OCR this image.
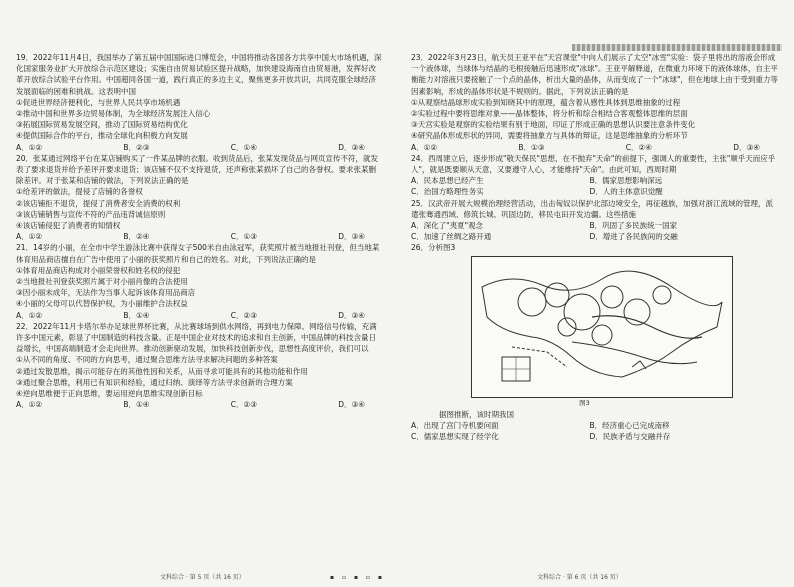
19．2022年11月4日，我国举办了第五届中国国际进口博览会，中国将推动各国各方共享中国大市场机遇，深化国家服务业扩大开放综合示范区建设；实施自由贸易试验区提升战略，加快建设海南自由贸易港，发挥好改革开放综合试验平台作用。中国超同各国一道，践行真正的多边主义，聚焦更多开放共识，共同克服全球经济发展面临的困难和挑战。这表明中国
①促进世界经济便利化，与世界人民共享市场机遇
②推动中国和世界多边贸易体制，为全球经济发展注入信心
③拓展国际贸易发展空间，推动了国际贸易结构优化
④提供国际合作的平台，推动全球化向积极方向发展
A．①②	B．②③	C．①④	D．③④
20．张某通过网络平台在某店铺购买了一件某品牌的衣服。收到货品后，张某发现货品与网页宣传不符，就发表了要求退货并给予差评开要求退货；该店铺不仅不支持退货，还声称张某损坏了自己的各誉权。要求张某删除差评。对于张某和店铺的做法，下列说法正确的是
①给差评的做法，提侵了店铺的各誉权
②该店铺拒不退货，提侵了消费者安全消费的权利
③该店铺销售与宣传不符的产品违背诚信原则
④该店铺侵犯了消费者的知情权
A．①②	B．②④	C．①③	D．③④
21．14岁的小丽，在全市中学生游泳比赛中获得女子500米自由泳冠军，获奖照片被当地报社刊登，但当地某体育用品商店擅自在广告中使用了小丽的获奖照片和自己的姓名。对此，下列说法正确的是
①体育用品商店构成对小丽荣誉权和姓名权的侵犯
②当地报社刊登获奖照片属于对小丽肖像的合法使用
③因小丽未成年，无法作为当事人起诉该体育用品商店
④小丽的父母可以代替保护权，为小丽维护合法权益
A．①②	B．①④	C．②③	D．③④
22．2022年11月卡塔尔举办足球世界杯比赛，从比赛球场到供水网络，再到电力保障、网络信号传输，充满许多中国元素，彰显了中国制造的科技含量。正是中国企业对技术的追求和自主创新，中国品牌的科技含量日益增长，中国高端制造才会走向世界。推动创新驱动发展，加快科技创新步伐，思想性高度评价，我们可以
①从不同的角度、不同的方向思考，通过聚合思维方法寻求解决问题的多种答案
②通过发散思维，揭示可能存在的其他性因和关系，从而寻求可能具有的其他功能和作用
③通过聚合思维，利用已有知识和经验，通过归纳、演绎等方法寻求创新的合理方案
④逆向思维便于正向思维，要运用逆向思维实现创新目标
A．①②	B．①④	C．②③	D．③④
文科综合 · 第 5 页（共 16 页）
23．2022年3月23日，航天员王亚平在"天宫课堂"中向人们展示了太空"冰雪"实验：袋子里将出的溶液会形成一个液体球，当球体与结晶的毛根接触后迅速形成"冰球"。王亚平解释道，在微重力环境下的液体球体，自主平衡能力对溶液只要接触了一个点的晶体，析出大量的晶体，从而变成了一个"冰球"，但在地球上由于受到重力等因素影响，形成的晶体形状是不规则的。据此，下列说法正确的是
①从观察结晶球形成实验到知晓其中的原理，蕴含着从感性具体到思维抽象的过程
②实验过程中要将思维对象——晶体整体，将分析和综合相结合客观整体思维的层面
③天宫实验是观察的实验结果有别于地面，印证了形成正确的思想认识要注意条件变化
④研究晶体形成形状的异同，需要将抽象方与具体的辩证，这是思维抽象的分析环节
A．①②	B．①③	C．②④	D．③④
24．西周建立后，逐步形成"敬天保民"思想，在不抛弃"天命"的前提下，强调人的重要性，主张"顺乎天而应乎人"，就是既要顺从天意，又要遵守人心，才能维持"天命"。由此可知，西周时期
A．民本思想已经产生	B．儒家思想影响深远
C．治国方略理性务实	D．人的主体意识觉醒
25．汉武帝开展大规模治理经营活动，出击匈奴以保护北部边境安全，再征越族，加强对浙江流域的管理，派遣张骞通西域、修筑长城、巩固边防，移民屯田开发边疆。这些措施
A．深化了"夷夏"观念	B．巩固了多民族统一国家
C．加速了丝绸之路开通	D．增进了各民族间的交融
26．分析图3
图3
据图推断，该时期我国
A．出现了宫门寺机要问面	B．经济重心已完成南移
C．儒家思想实现了经学化	D．民族矛盾与交融并存
文科综合 · 第 6 页（共 16 页）
▪ ▫ ▪ ▫ ▪
